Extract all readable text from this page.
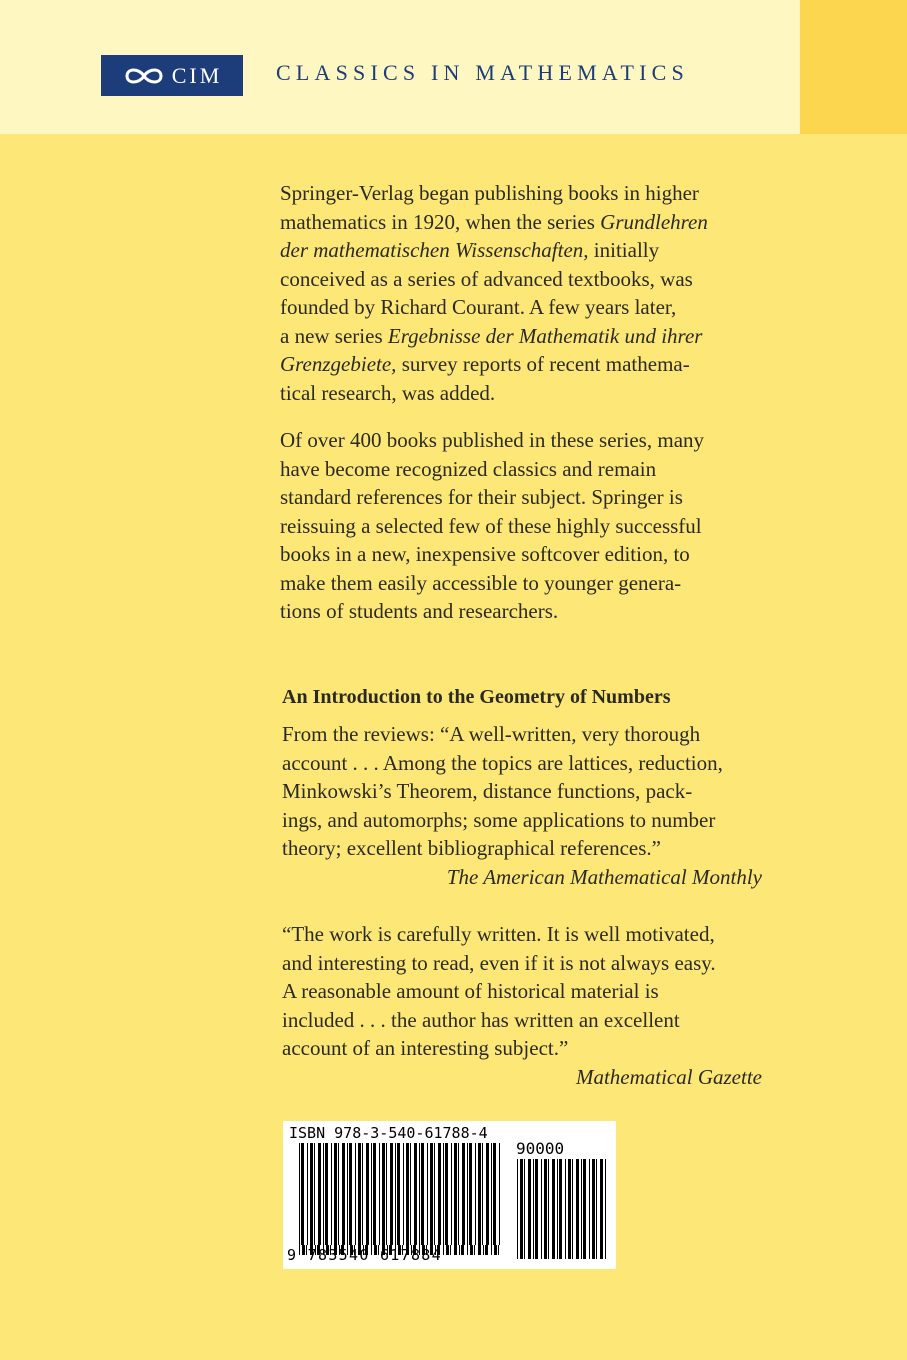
CIM CLASSICS IN MATHEMATICS

Springer-Verlag began publishing books in higher
mathematics in 1920, when the series Grundlehren
der mathematischen Wissenschaften, initially
conceived as a series of advanced textbooks, was
founded by Richard Courant. A few years later,
a new series Ergebnisse der Mathematik und ihrer
Grenzgebiete, survey reports of recent mathema-
tical research, was added.

Of over 400 books published in these series, many
have become recognized classics and remain
standard references for their subject. Springer is
reissuing a selected few of these highly successful
books in a new, inexpensive softcover edition, to
make them easily accessible to younger genera-
tions of students and researchers.

An Introduction to the Geometry of Numbers
From the reviews: “A well-written, very thorough
account . . . Among the topics are lattices, reduction,
Minkowski’s Theorem, distance functions, pack-
ings, and automorphs; some applications to number
theory; excellent bibliographical references.”
The American Mathematical Monthly
“The work is carefully written. It is well motivated,
and interesting to read, even if it is not always easy.
A reasonable amount of historical material is
included . . . the author has written an excellent
account of an interesting subject.”
Mathematical Gazette
ISBN 978-3-540-61788-4
90000
9 783540 617884
